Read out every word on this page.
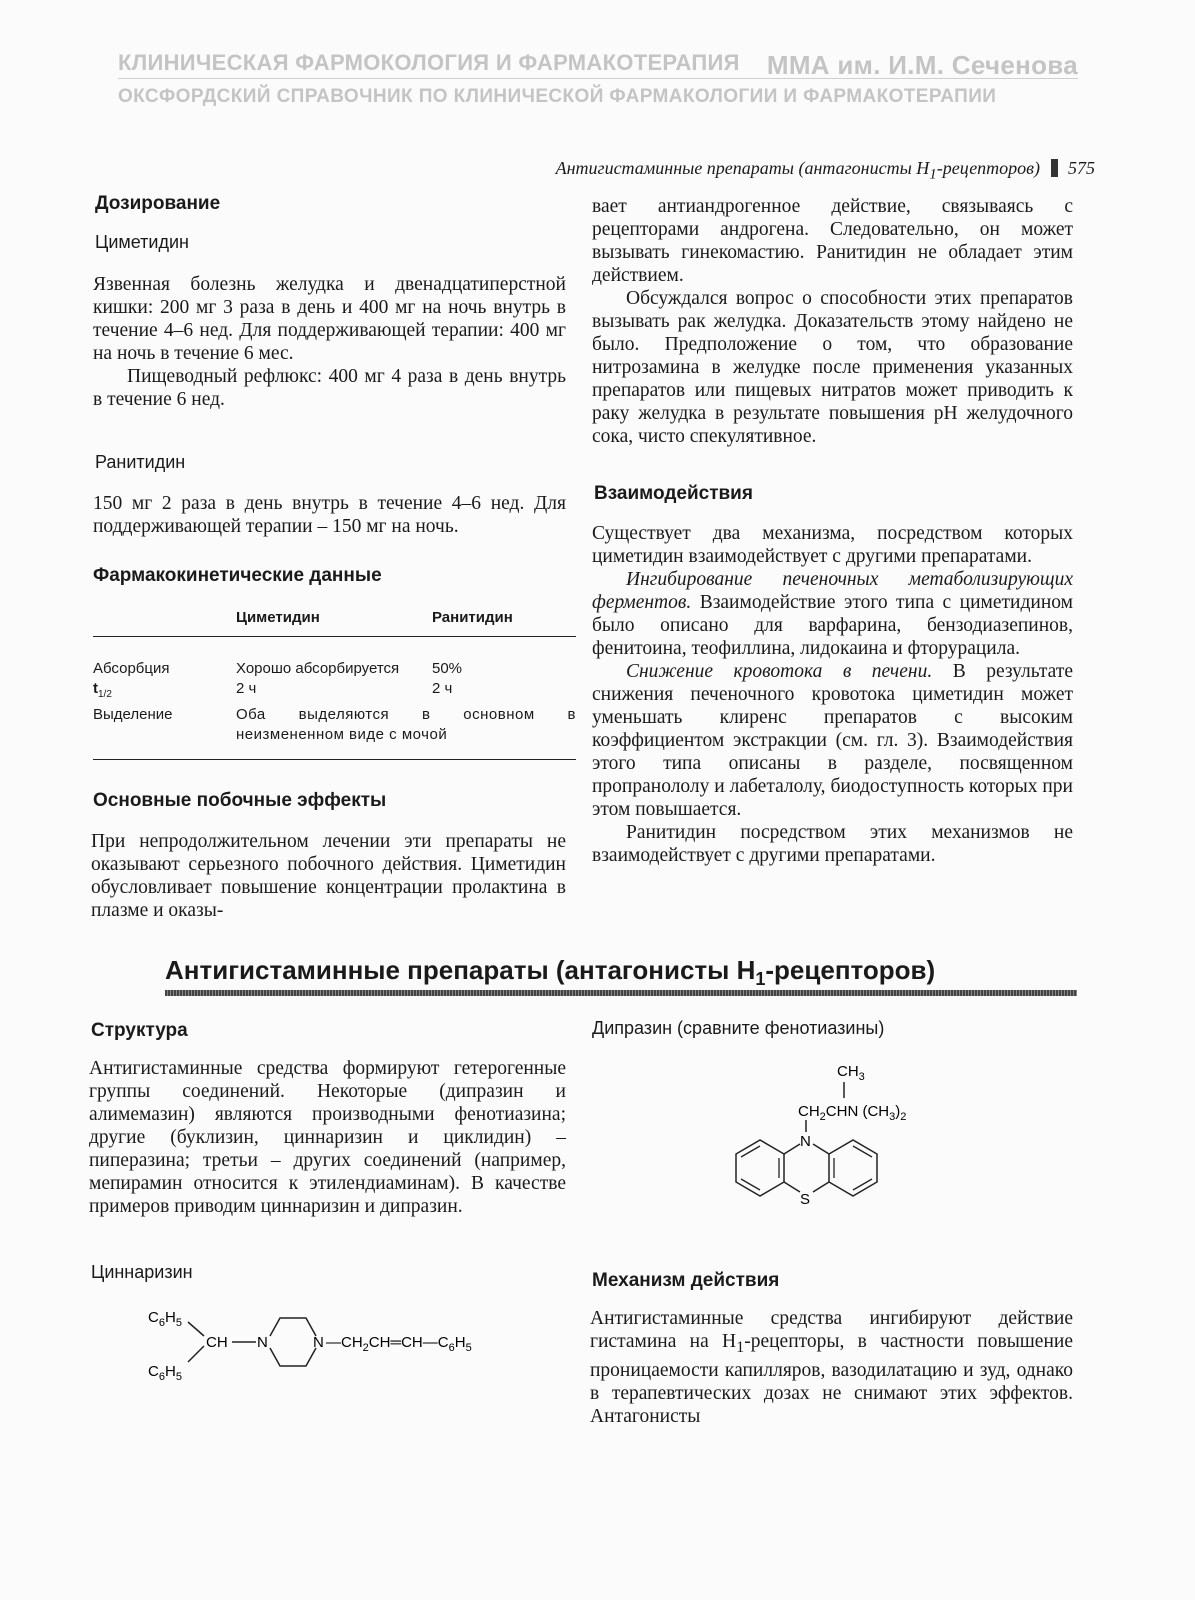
КЛИНИЧЕСКАЯ ФАРМОКОЛОГИЯ И ФАРМАКОТЕРАПИЯ ММА им. И.М. Сеченова
ОКСФОРДСКИЙ СПРАВОЧНИК ПО КЛИНИЧЕСКОЙ ФАРМАКОЛОГИИ И ФАРМАКОТЕРАПИИ
Антигистаминные препараты (антагонисты $H_1-рецепторов$) 575
Дозирование
Циметидин

Язвенная болезнь желудка и двенадцатиперстной кишки: 200 мг 3 раза в день и 400 мг на ночь внутрь в течение 4–6 нед. Для поддерживающей терапии: 400 мг на ночь в течение 6 мес.

Пищеводный рефлюкс: 400 мг 4 раза в день внутрь в течение 6 нед.

Ранитидин

150 мг 2 раза в день внутрь в течение 4–6 нед. Для поддерживающей терапии – 150 мг на ночь.

Фармакокинетические данные
	Циметидин	Ранитидин
Абсорбция	Хорошо абсорбируется	50%
$t_{1/2}$	2 ч	2 ч
Выделение	Оба выделяются в основном в неизмененном виде с мочой	
Основные побочные эффекты

При непродолжительном лечении эти препараты не оказывают серьезного побочного действия. Циметидин обусловливает повышение концентрации пролактина в плазме и оказы-

вает антиандрогенное действие, связываясь с рецепторами андрогена. Следовательно, он может вызывать гинекомастию. Ранитидин не обладает этим действием.

Обсуждался вопрос о способности этих препаратов вызывать рак желудка. Доказательств этому найдено не было. Предположение о том, что образование нитрозамина в желудке после применения указанных препаратов или пищевых нитратов может приводить к раку желудка в результате повышения pH желудочного сока, чисто спекулятивное.

Взаимодействия

Существует два механизма, посредством которых циметидин взаимодействует с другими препаратами.

Ингибирование печеночных метаболизирующих ферментов. Взаимодействие этого типа с циметидином было описано для варфарина, бензодиазепинов, фенитоина, теофиллина, лидокаина и фторурацила.

Снижение кровотока в печени. В результате снижения печеночного кровотока циметидин может уменьшать клиренс препаратов с высоким коэффициентом экстракции (см. гл. 3). Взаимодействия этого типа описаны в разделе, посвященном пропранололу и лабеталолу, биодоступность которых при этом повышается.

Ранитидин посредством этих механизмов не взаимодействует с другими препаратами.

Антигистаминные препараты (антагонисты $H_1-рецепторов$)
Структура

Антигистаминные средства формируют гетерогенные группы соединений. Некоторые (дипразин и алимемазин) являются производными фенотиазина; другие (буклизин, циннаризин и циклидин) – пиперазина; третьи – других соединений (например, мепирамин относится к этилендиаминам). В качестве примеров приводим циннаризин и дипразин.

Циннаризин
$C_6H_5$
CH N	N $—CH_2CH═CH—C_6H_5$
$C_6H_5$
Дипразин (сравните фенотиазины)
$CH_3$
$CH_2CHN$ $(CH_3)_2$
N
S
Механизм действия

Антигистаминные средства ингибируют действие гистамина на $H_1$-рецепторы, в частности повышение проницаемости капилляров, вазодилатацию и зуд, однако в терапевтических дозах не снимают этих эффектов. Антагонисты
